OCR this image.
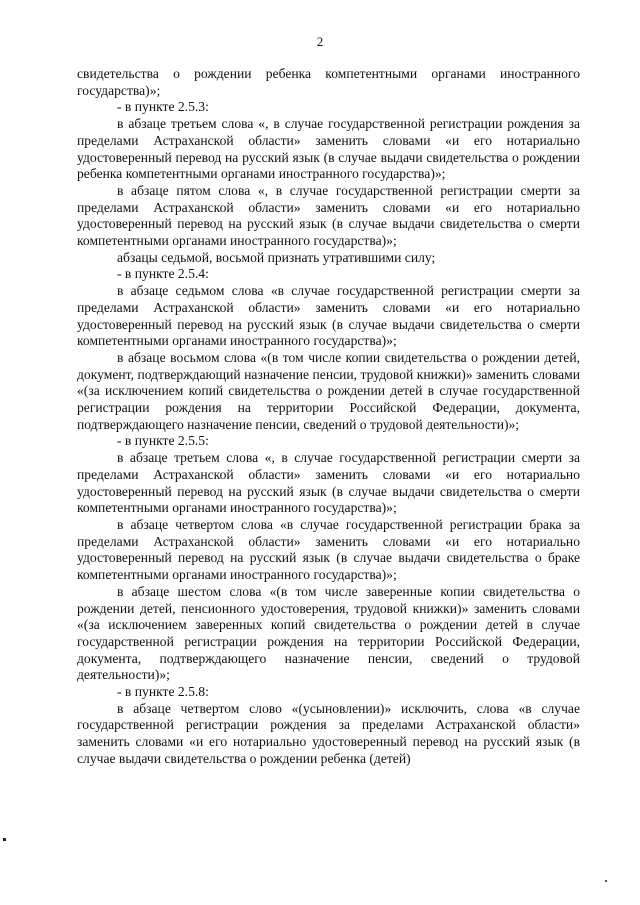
2

свидетельства о рождении ребенка компетентными органами иностранного государства)»;

- в пункте 2.5.3:

в абзаце третьем слова «, в случае государственной регистрации рождения за пределами Астраханской области» заменить словами «и его нотариально удостоверенный перевод на русский язык (в случае выдачи свидетельства о рождении ребенка компетентными органами иностранного государства)»;

в абзаце пятом слова «, в случае государственной регистрации смерти за пределами Астраханской области» заменить словами «и его нотариально удостоверенный перевод на русский язык (в случае выдачи свидетельства о смерти компетентными органами иностранного государства)»;

абзацы седьмой, восьмой признать утратившими силу;

- в пункте 2.5.4:

в абзаце седьмом слова «в случае государственной регистрации смерти за пределами Астраханской области» заменить словами «и его нотариально удостоверенный перевод на русский язык (в случае выдачи свидетельства о смерти компетентными органами иностранного государства)»;

в абзаце восьмом слова «(в том числе копии свидетельства о рождении детей, документ, подтверждающий назначение пенсии, трудовой книжки)» заменить словами «(за исключением копий свидетельства о рождении детей в случае государственной регистрации рождения на территории Российской Федерации, документа, подтверждающего назначение пенсии, сведений о трудовой деятельности)»;

- в пункте 2.5.5:

в абзаце третьем слова «, в случае государственной регистрации смерти за пределами Астраханской области» заменить словами «и его нотариально удостоверенный перевод на русский язык (в случае выдачи свидетельства о смерти компетентными органами иностранного государства)»;

в абзаце четвертом слова «в случае государственной регистрации брака за пределами Астраханской области» заменить словами «и его нотариально удостоверенный перевод на русский язык (в случае выдачи свидетельства о браке компетентными органами иностранного государства)»;

в абзаце шестом слова «(в том числе заверенные копии свидетельства о рождении детей, пенсионного удостоверения, трудовой книжки)» заменить словами «(за исключением заверенных копий свидетельства о рождении детей в случае государственной регистрации рождения на территории Российской Федерации, документа, подтверждающего назначение пенсии, сведений о трудовой деятельности)»;

- в пункте 2.5.8:

в абзаце четвертом слово «(усыновлении)» исключить, слова «в случае государственной регистрации рождения за пределами Астраханской области» заменить словами «и его нотариально удостоверенный перевод на русский язык (в случае выдачи свидетельства о рождении ребенка (детей)
